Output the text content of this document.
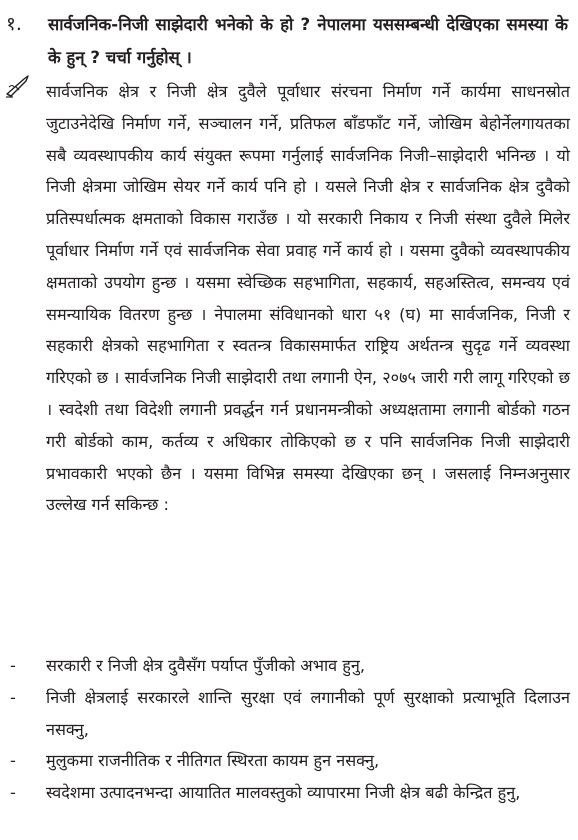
१. सार्वजनिक-निजी साझेदारी भनेको के हो ? नेपालमा यससम्बन्धी देखिएका समस्या के के हुन् ? चर्चा गर्नुहोस् ।
सार्वजनिक क्षेत्र र निजी क्षेत्र दुवैले पूर्वाधार संरचना निर्माण गर्ने कार्यमा साधनस्रोत जुटाउनेदेखि निर्माण गर्ने, सञ्चालन गर्ने, प्रतिफल बाँडफाँट गर्ने, जोखिम बेहोर्नेलगायतका सबै व्यवस्थापकीय कार्य संयुक्त रूपमा गर्नुलाई सार्वजनिक निजी–साझेदारी भनिन्छ । यो निजी क्षेत्रमा जोखिम सेयर गर्ने कार्य पनि हो । यसले निजी क्षेत्र र सार्वजनिक क्षेत्र दुवैको प्रतिस्पर्धात्मक क्षमताको विकास गराउँछ । यो सरकारी निकाय र निजी संस्था दुवैले मिलेर पूर्वाधार निर्माण गर्ने एवं सार्वजनिक सेवा प्रवाह गर्ने कार्य हो । यसमा दुवैको व्यवस्थापकीय क्षमताको उपयोग हुन्छ । यसमा स्वेच्छिक सहभागिता, सहकार्य, सहअस्तित्व, समन्वय एवं समन्यायिक वितरण हुन्छ । नेपालमा संविधानको धारा ५१ (घ) मा सार्वजनिक, निजी र सहकारी क्षेत्रको सहभागिता र स्वतन्त्र विकासमार्फत राष्ट्रिय अर्थतन्त्र सुदृढ गर्ने व्यवस्था गरिएको छ । सार्वजनिक निजी साझेदारी तथा लगानी ऐन, २०७५ जारी गरी लागू गरिएको छ । स्वदेशी तथा विदेशी लगानी प्रवर्द्धन गर्न प्रधानमन्त्रीको अध्यक्षतामा लगानी बोर्डको गठन गरी बोर्डको काम, कर्तव्य र अधिकार तोकिएको छ र पनि सार्वजनिक निजी साझेदारी प्रभावकारी भएको छैन । यसमा विभिन्न समस्या देखिएका छन् । जसलाई निम्नअनुसार उल्लेख गर्न सकिन्छ :
- सरकारी र निजी क्षेत्र दुवैसँग पर्याप्त पुँजीको अभाव हुनु,
- निजी क्षेत्रलाई सरकारले शान्ति सुरक्षा एवं लगानीको पूर्ण सुरक्षाको प्रत्याभूति दिलाउन नसक्नु,
- मुलुकमा राजनीतिक र नीतिगत स्थिरता कायम हुन नसक्नु,
- स्वदेशमा उत्पादनभन्दा आयातित मालवस्तुको व्यापारमा निजी क्षेत्र बढी केन्द्रित हुनु,
